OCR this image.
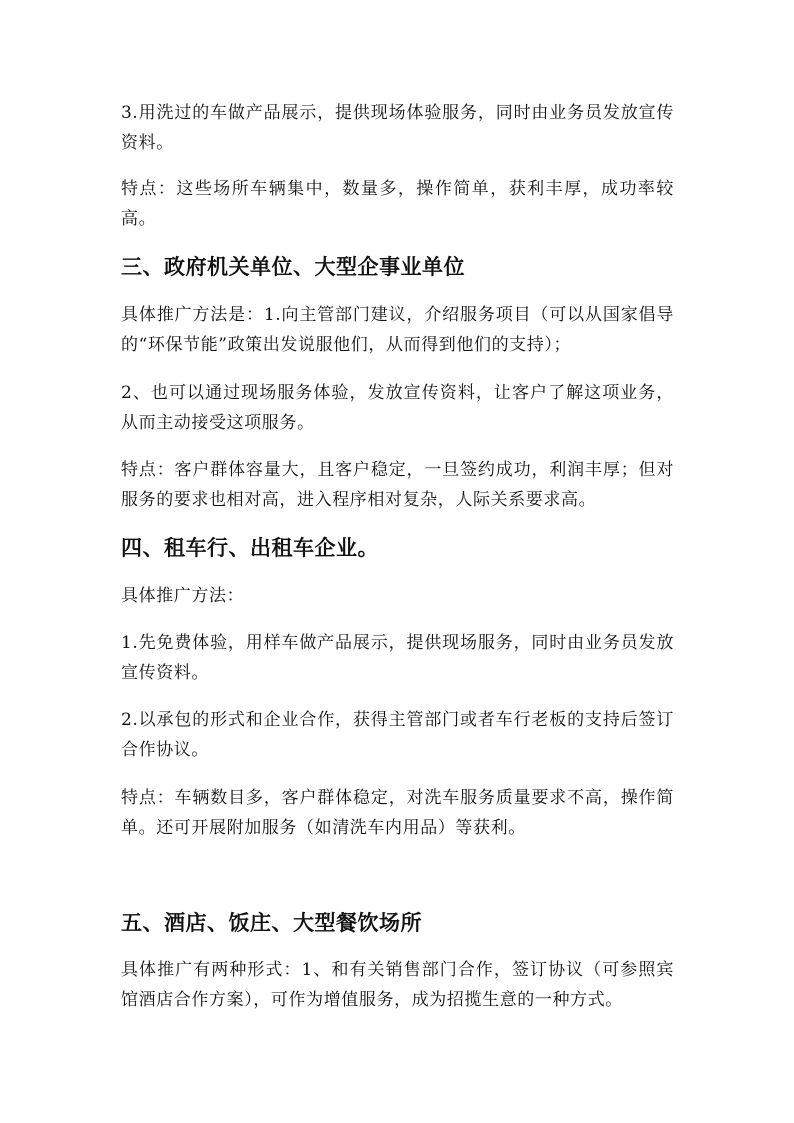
3.用洗过的车做产品展示，提供现场体验服务，同时由业务员发放宣传资料。
特点：这些场所车辆集中，数量多，操作简单，获利丰厚，成功率较高。
三、政府机关单位、大型企事业单位
具体推广方法是：1.向主管部门建议，介绍服务项目（可以从国家倡导的“环保节能”政策出发说服他们，从而得到他们的支持）；
2、也可以通过现场服务体验，发放宣传资料，让客户了解这项业务，从而主动接受这项服务。
特点：客户群体容量大，且客户稳定，一旦签约成功，利润丰厚；但对服务的要求也相对高，进入程序相对复杂，人际关系要求高。
四、租车行、出租车企业。
具体推广方法：
1.先免费体验，用样车做产品展示，提供现场服务，同时由业务员发放宣传资料。
2.以承包的形式和企业合作，获得主管部门或者车行老板的支持后签订合作协议。
特点：车辆数目多，客户群体稳定，对洗车服务质量要求不高，操作简单。还可开展附加服务（如清洗车内用品）等获利。
五、酒店、饭庄、大型餐饮场所
具体推广有两种形式：1、和有关销售部门合作，签订协议（可参照宾馆酒店合作方案），可作为增值服务，成为招揽生意的一种方式。
